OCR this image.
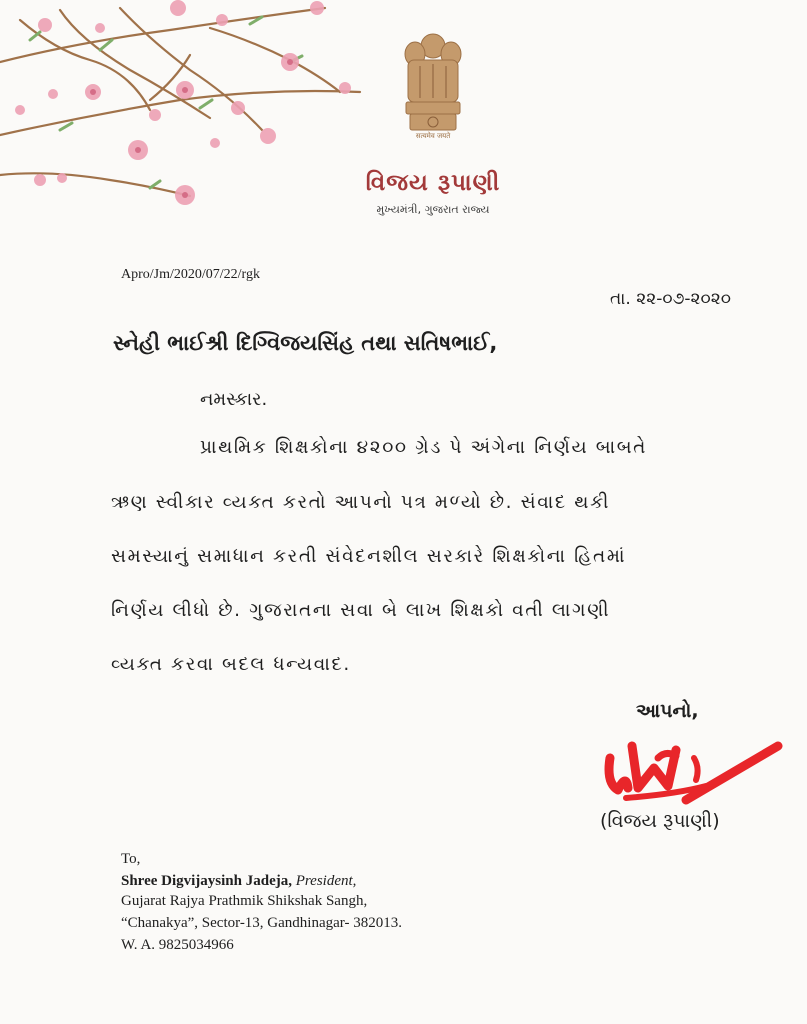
सत्यमेव जयते
વિજય રૂપાણી
મુખ્યમંત્રી, ગુજરાત રાજ્ય
Apro/Jm/2020/07/22/rgk
તા. ૨૨-૦૭-૨૦૨૦
સ્નેહી ભાઈશ્રી દિગ્વિજયસિંહ તથા સતિષભાઈ,
નમસ્કાર.
પ્રાથમિક શિક્ષકોના ૪૨૦૦ ગ્રેડ પે અંગેના નિર્ણય બાબતે
ઋણ સ્વીકાર વ્યક્ત કરતો આપનો પત્ર મળ્યો છે. સંવાદ થકી
સમસ્યાનું સમાધાન કરતી સંવેદનશીલ સરકારે શિક્ષકોના હિતમાં
નિર્ણય લીધો છે. ગુજરાતના સવા બે લાખ શિક્ષકો વતી લાગણી
વ્યક્ત કરવા બદલ ધન્યવાદ.
આપનો,
(વિજય રૂપાણી)
To,
Shree Digvijaysinh Jadeja, President,
Gujarat Rajya Prathmik Shikshak Sangh,
“Chanakya”, Sector-13, Gandhinagar- 382013.
W. A. 9825034966
